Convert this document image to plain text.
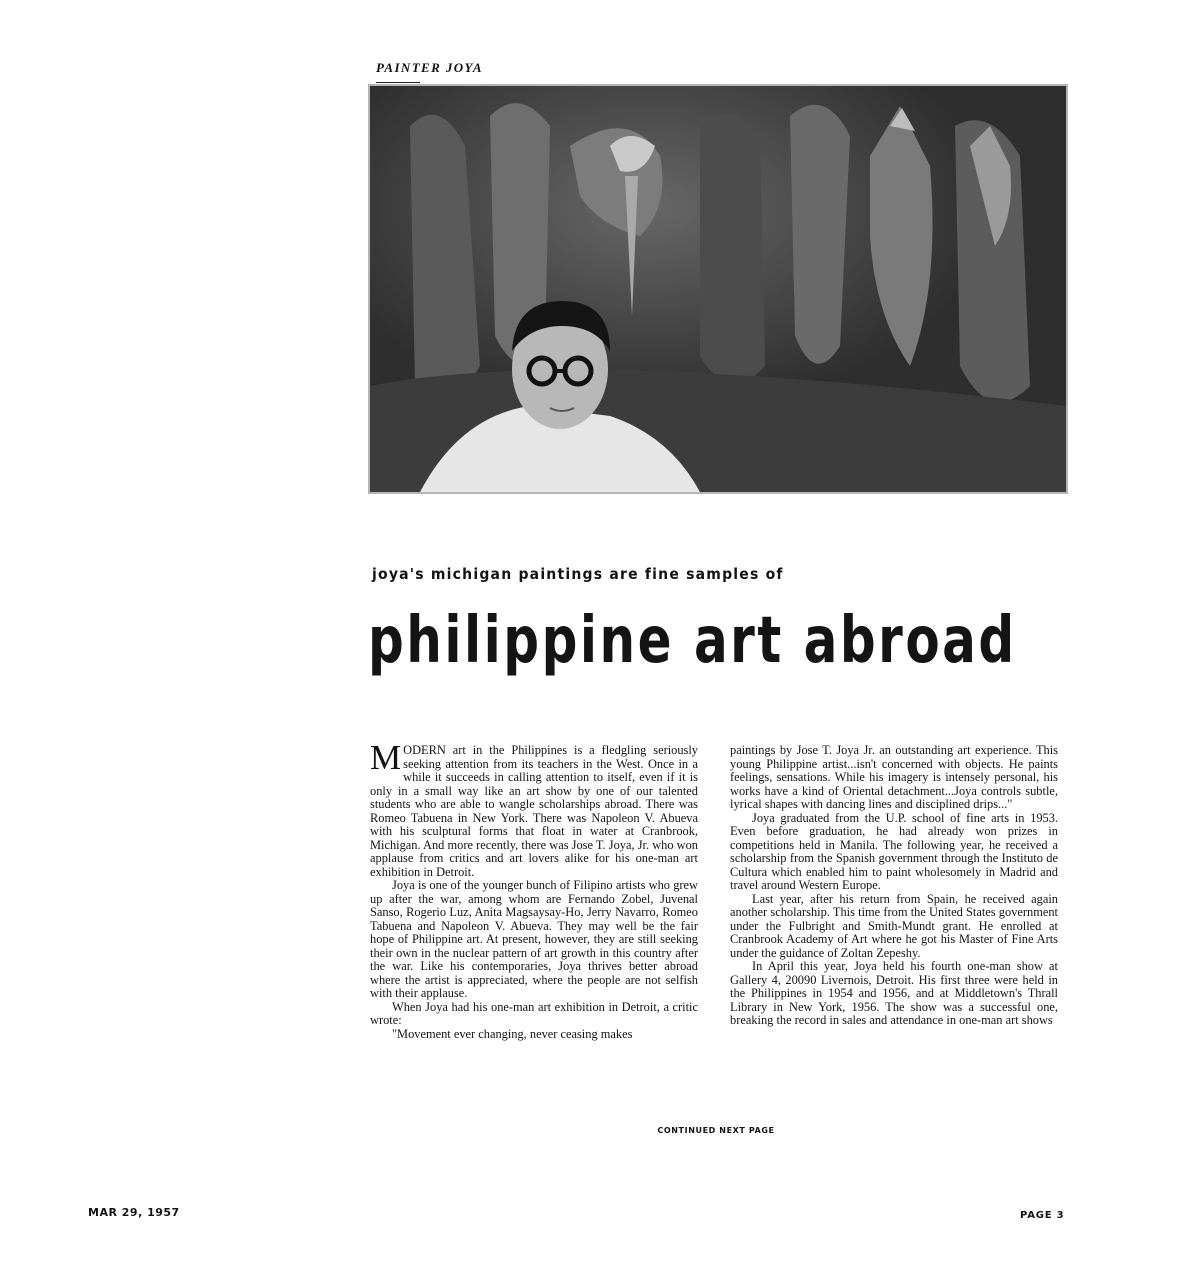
PAINTER JOYA
joya's michigan paintings are fine samples of
philippine art abroad

MODERN art in the Philippines is a fledgling seriously seeking attention from its teachers in the West. Once in a while it succeeds in calling attention to itself, even if it is only in a small way like an art show by one of our talented students who are able to wangle scholarships abroad. There was Romeo Tabuena in New York. There was Napoleon V. Abueva with his sculptural forms that float in water at Cranbrook, Michigan. And more recently, there was Jose T. Joya, Jr. who won applause from critics and art lovers alike for his one-man art exhibition in Detroit.

Joya is one of the younger bunch of Filipino artists who grew up after the war, among whom are Fernando Zobel, Juvenal Sanso, Rogerio Luz, Anita Magsaysay-Ho, Jerry Navarro, Romeo Tabuena and Napoleon V. Abueva. They may well be the fair hope of Philippine art. At present, however, they are still seeking their own in the nuclear pattern of art growth in this country after the war. Like his contemporaries, Joya thrives better abroad where the artist is appreciated, where the people are not selfish with their applause.

When Joya had his one-man art exhibition in Detroit, a critic wrote:

"Movement ever changing, never ceasing makes

paintings by Jose T. Joya Jr. an outstanding art experience. This young Philippine artist...isn't concerned with objects. He paints feelings, sensations. While his imagery is intensely personal, his works have a kind of Oriental detachment...Joya controls subtle, lyrical shapes with dancing lines and disciplined drips..."

Joya graduated from the U.P. school of fine arts in 1953. Even before graduation, he had already won prizes in competitions held in Manila. The following year, he received a scholarship from the Spanish government through the Instituto de Cultura which enabled him to paint wholesomely in Madrid and travel around Western Europe.

Last year, after his return from Spain, he received again another scholarship. This time from the United States government under the Fulbright and Smith-Mundt grant. He enrolled at Cranbrook Academy of Art where he got his Master of Fine Arts under the guidance of Zoltan Zepeshy.

In April this year, Joya held his fourth one-man show at Gallery 4, 20090 Livernois, Detroit. His first three were held in the Philippines in 1954 and 1956, and at Middletown's Thrall Library in New York, 1956. The show was a successful one, breaking the record in sales and attendance in one-man art shows

CONTINUED NEXT PAGE
MAR 29, 1957	PAGE 3
